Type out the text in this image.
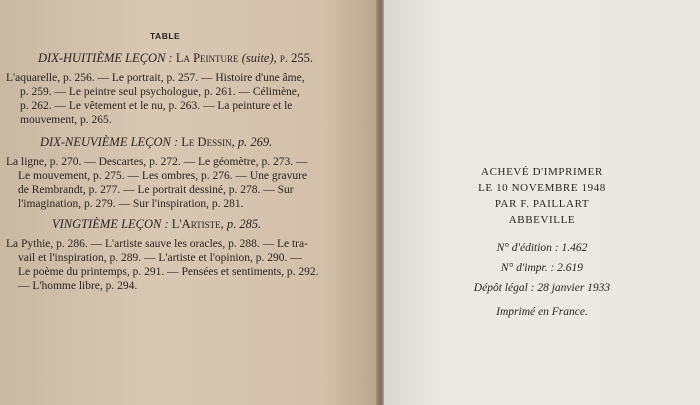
TABLE
DIX-HUITIÈME LEÇON : La Peinture (suite), p. 255.
L'aquarelle, p. 256. — Le portrait, p. 257. — Histoire d'une âme,
p. 259. — Le peintre seul psychologue, p. 261. — Célimène,
p. 262. — Le vêtement et le nu, p. 263. — La peinture et le
mouvement, p. 265.
DIX-NEUVIÈME LEÇON : Le Dessin, p. 269.
La ligne, p. 270. — Descartes, p. 272. — Le géomètre, p. 273. —
Le mouvement, p. 275. — Les ombres, p. 276. — Une gravure
de Rembrandt, p. 277. — Le portrait dessiné, p. 278. — Sur
l'imagination, p. 279. — Sur l'inspiration, p. 281.
VINGTIÈME LEÇON : L'Artiste, p. 285.
La Pythie, p. 286. — L'artiste sauve les oracles, p. 288. — Le tra-
vail et l'inspiration, p. 289. — L'artiste et l'opinion, p. 290. —
Le poème du printemps, p. 291. — Pensées et sentiments, p. 292.
— L'homme libre, p. 294.
ACHEVÉ D'IMPRIMER
LE 10 NOVEMBRE 1948
PAR F. PAILLART
ABBEVILLE
N° d'édition : 1.462
N° d'impr. : 2.619
Dépôt légal : 28 janvier 1933
Imprimé en France.
